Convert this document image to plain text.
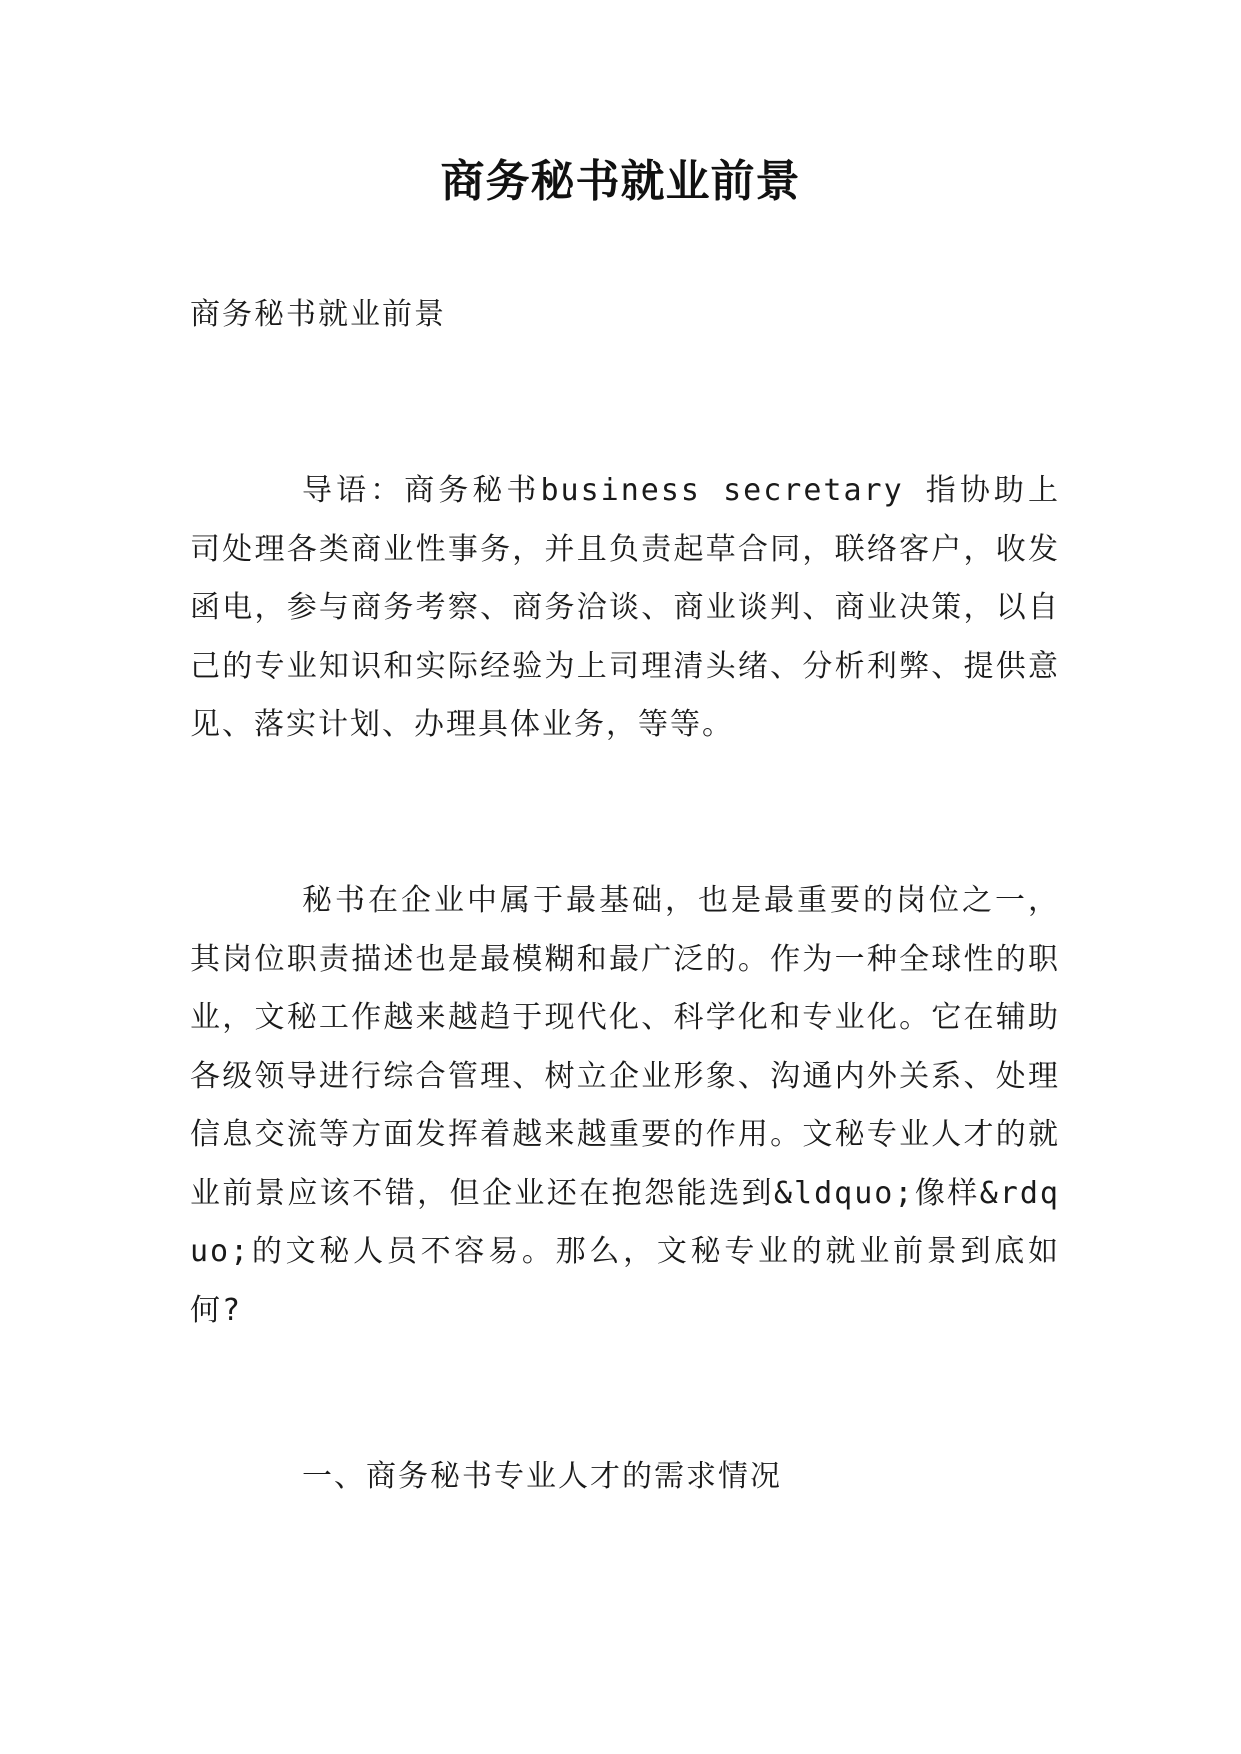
商务秘书就业前景

商务秘书就业前景

导语：商务秘书business secretary 指协助上司处理各类商业性事务，并且负责起草合同，联络客户，收发函电，参与商务考察、商务洽谈、商业谈判、商业决策，以自己的专业知识和实际经验为上司理清头绪、分析利弊、提供意见、落实计划、办理具体业务，等等。

秘书在企业中属于最基础，也是最重要的岗位之一，其岗位职责描述也是最模糊和最广泛的。作为一种全球性的职业，文秘工作越来越趋于现代化、科学化和专业化。它在辅助各级领导进行综合管理、树立企业形象、沟通内外关系、处理信息交流等方面发挥着越来越重要的作用。文秘专业人才的就业前景应该不错，但企业还在抱怨能选到&ldquo;像样&rdquo;的文秘人员不容易。那么，文秘专业的就业前景到底如何?

一、商务秘书专业人才的需求情况
